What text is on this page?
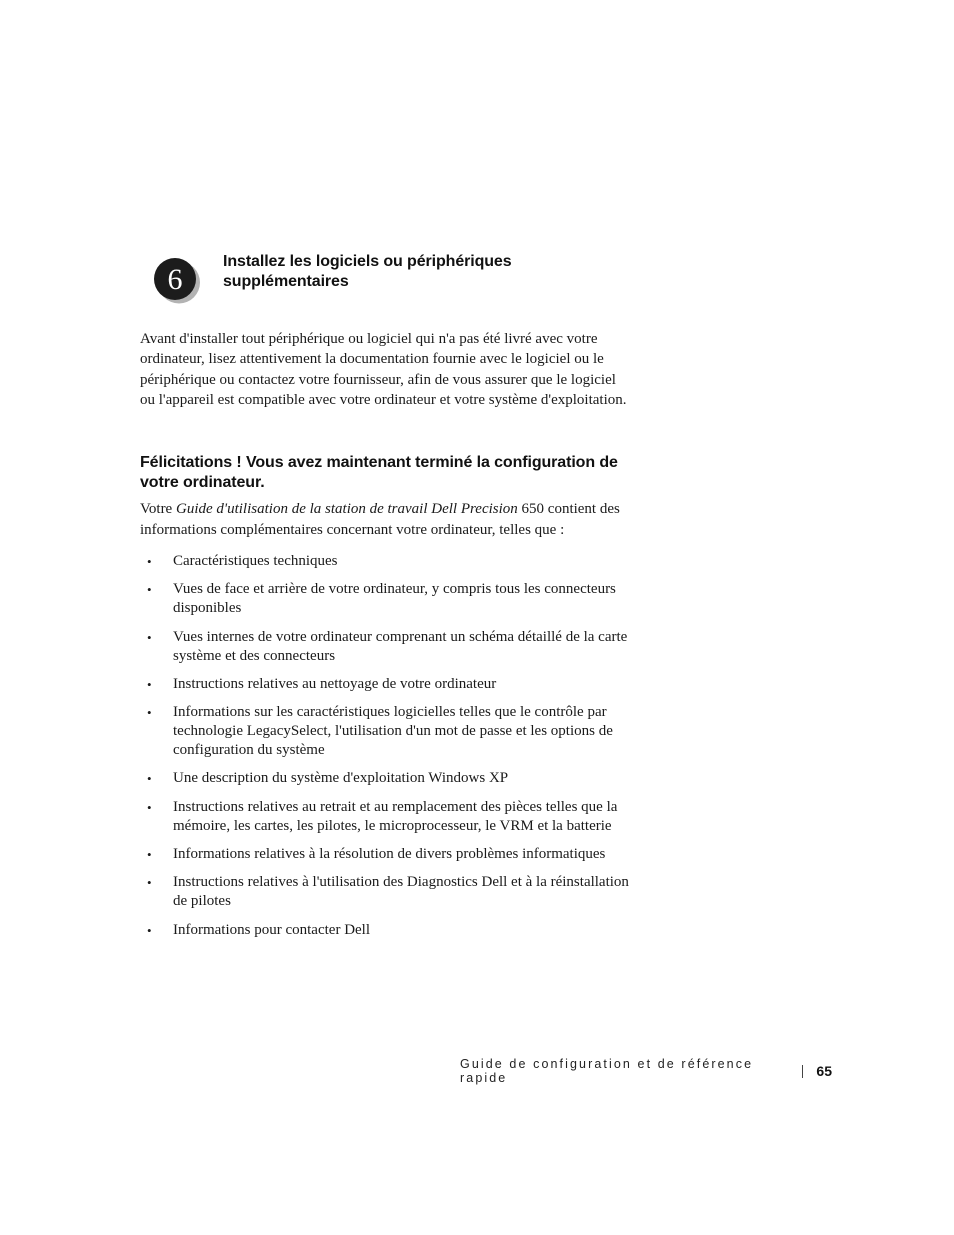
6
Installez les logiciels ou périphériques
supplémentaires

Avant d'installer tout périphérique ou logiciel qui n'a pas été livré avec votre ordinateur, lisez attentivement la documentation fournie avec le logiciel ou le périphérique ou contactez votre fournisseur, afin de vous assurer que le logiciel ou l'appareil est compatible avec votre ordinateur et votre système d'exploitation.

Félicitations ! Vous avez maintenant terminé la configuration de votre ordinateur.

Votre Guide d'utilisation de la station de travail Dell Precision 650 contient des informations complémentaires concernant votre ordinateur, telles que :

• Caractéristiques techniques
• Vues de face et arrière de votre ordinateur, y compris tous les connecteurs disponibles
• Vues internes de votre ordinateur comprenant un schéma détaillé de la carte système et des connecteurs
• Instructions relatives au nettoyage de votre ordinateur
• Informations sur les caractéristiques logicielles telles que le contrôle par technologie LegacySelect, l'utilisation d'un mot de passe et les options de configuration du système
• Une description du système d'exploitation Windows XP
• Instructions relatives au retrait et au remplacement des pièces telles que la mémoire, les cartes, les pilotes, le microprocesseur, le VRM et la batterie
• Informations relatives à la résolution de divers problèmes informatiques
• Instructions relatives à l'utilisation des Diagnostics Dell et à la réinstallation de pilotes
• Informations pour contacter Dell
Guide de configuration et de référence rapide	65
